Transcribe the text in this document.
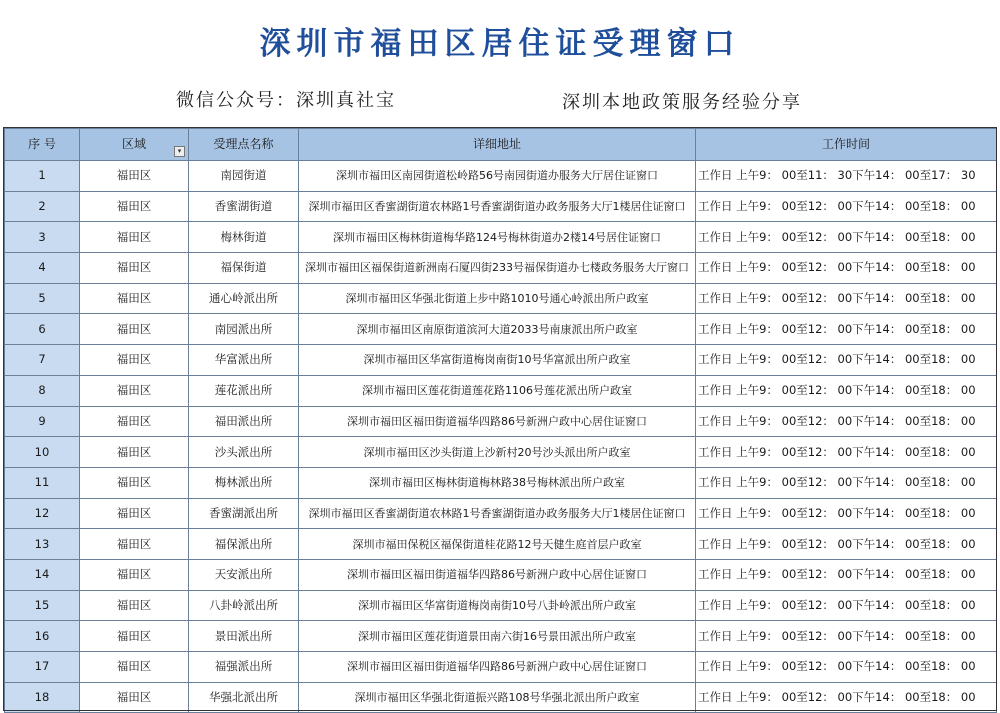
深圳市福田区居住证受理窗口
微信公众号：深圳真社宝	深圳本地政策服务经验分享
序 号	区域 ▾	受理点名称	详细地址	工作时间
1	福田区	南园街道	深圳市福田区南园街道松岭路56号南园街道办服务大厅居住证窗口	工作日 上午9： 00至11： 30下午14： 00至17： 30
2	福田区	香蜜湖街道	深圳市福田区香蜜湖街道农林路1号香蜜湖街道办政务服务大厅1楼居住证窗口	工作日 上午9： 00至12： 00下午14： 00至18： 00
3	福田区	梅林街道	深圳市福田区梅林街道梅华路124号梅林街道办2楼14号居住证窗口	工作日 上午9： 00至12： 00下午14： 00至18： 00
4	福田区	福保街道	深圳市福田区福保街道新洲南石厦四街233号福保街道办七楼政务服务大厅窗口	工作日 上午9： 00至12： 00下午14： 00至18： 00
5	福田区	通心岭派出所	深圳市福田区华强北街道上步中路1010号通心岭派出所户政室	工作日 上午9： 00至12： 00下午14： 00至18： 00
6	福田区	南园派出所	深圳市福田区南原街道滨河大道2033号南康派出所户政室	工作日 上午9： 00至12： 00下午14： 00至18： 00
7	福田区	华富派出所	深圳市福田区华富街道梅岗南街10号华富派出所户政室	工作日 上午9： 00至12： 00下午14： 00至18： 00
8	福田区	莲花派出所	深圳市福田区莲花街道莲花路1106号莲花派出所户政室	工作日 上午9： 00至12： 00下午14： 00至18： 00
9	福田区	福田派出所	深圳市福田区福田街道福华四路86号新洲户政中心居住证窗口	工作日 上午9： 00至12： 00下午14： 00至18： 00
10	福田区	沙头派出所	深圳市福田区沙头街道上沙新村20号沙头派出所户政室	工作日 上午9： 00至12： 00下午14： 00至18： 00
11	福田区	梅林派出所	深圳市福田区梅林街道梅林路38号梅林派出所户政室	工作日 上午9： 00至12： 00下午14： 00至18： 00
12	福田区	香蜜湖派出所	深圳市福田区香蜜湖街道农林路1号香蜜湖街道办政务服务大厅1楼居住证窗口	工作日 上午9： 00至12： 00下午14： 00至18： 00
13	福田区	福保派出所	深圳市福田保税区福保街道桂花路12号天健生庭首层户政室	工作日 上午9： 00至12： 00下午14： 00至18： 00
14	福田区	天安派出所	深圳市福田区福田街道福华四路86号新洲户政中心居住证窗口	工作日 上午9： 00至12： 00下午14： 00至18： 00
15	福田区	八卦岭派出所	深圳市福田区华富街道梅岗南街10号八卦岭派出所户政室	工作日 上午9： 00至12： 00下午14： 00至18： 00
16	福田区	景田派出所	深圳市福田区莲花街道景田南六街16号景田派出所户政室	工作日 上午9： 00至12： 00下午14： 00至18： 00
17	福田区	福强派出所	深圳市福田区福田街道福华四路86号新洲户政中心居住证窗口	工作日 上午9： 00至12： 00下午14： 00至18： 00
18	福田区	华强北派出所	深圳市福田区华强北街道振兴路108号华强北派出所户政室	工作日 上午9： 00至12： 00下午14： 00至18： 00
